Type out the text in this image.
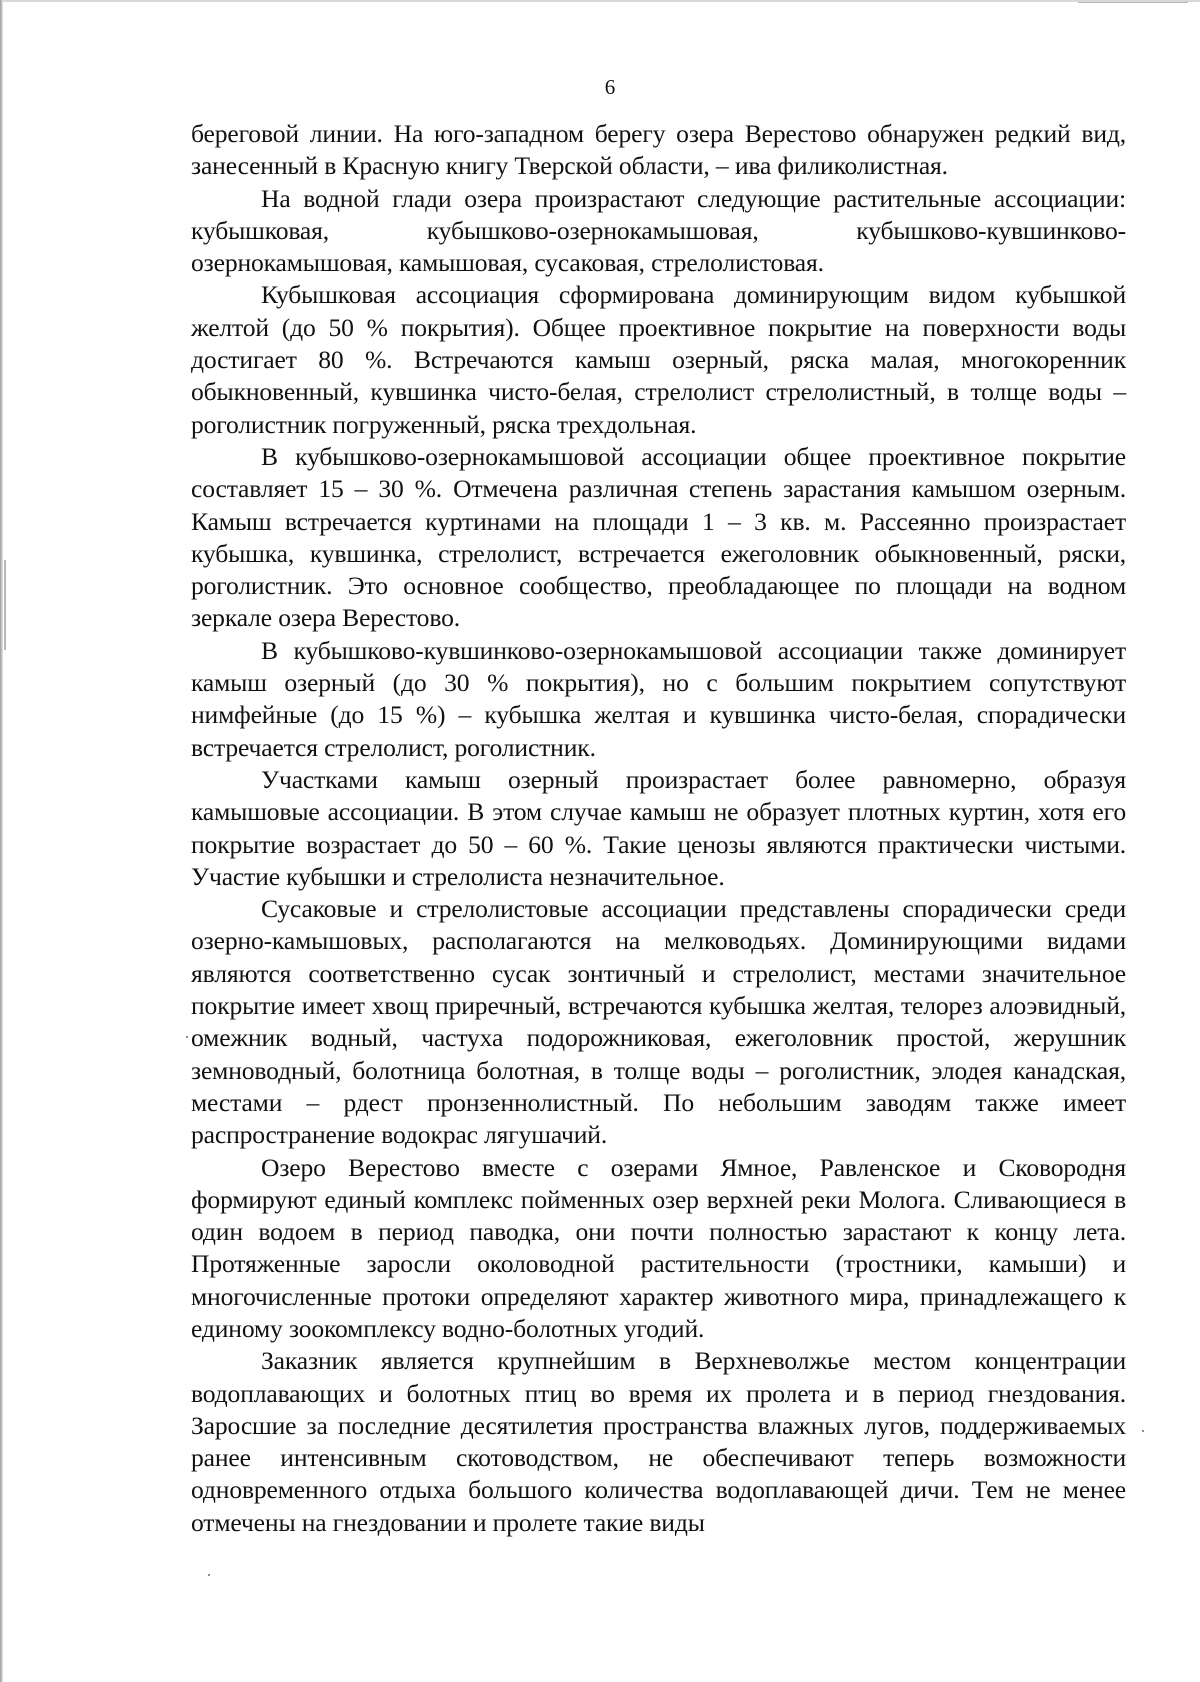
6

береговой линии. На юго-западном берегу озера Верестово обнаружен редкий вид, занесенный в Красную книгу Тверской области, – ива филиколистная.

На водной глади озера произрастают следующие растительные ассоциации: кубышковая, кубышково-озернокамышовая, кубышково-кувшинково-озернокамышовая, камышовая, сусаковая, стрелолистовая.

Кубышковая ассоциация сформирована доминирующим видом кубышкой желтой (до 50 % покрытия). Общее проективное покрытие на поверхности воды достигает 80 %. Встречаются камыш озерный, ряска малая, многокоренник обыкновенный, кувшинка чисто-белая, стрелолист стрелолистный, в толще воды – роголистник погруженный, ряска трехдольная.

В кубышково-озернокамышовой ассоциации общее проективное покрытие составляет 15 – 30 %. Отмечена различная степень зарастания камышом озерным. Камыш встречается куртинами на площади 1 – 3 кв. м. Рассеянно произрастает кубышка, кувшинка, стрелолист, встречается ежеголовник обыкновенный, ряски, роголистник. Это основное сообщество, преобладающее по площади на водном зеркале озера Верестово.

В кубышково-кувшинково-озернокамышовой ассоциации также доминирует камыш озерный (до 30 % покрытия), но с большим покрытием сопутствуют нимфейные (до 15 %) – кубышка желтая и кувшинка чисто-белая, спорадически встречается стрелолист, роголистник.

Участками камыш озерный произрастает более равномерно, образуя камышовые ассоциации. В этом случае камыш не образует плотных куртин, хотя его покрытие возрастает до 50 – 60 %. Такие ценозы являются практически чистыми. Участие кубышки и стрелолиста незначительное.

Сусаковые и стрелолистовые ассоциации представлены спорадически среди озерно-камышовых, располагаются на мелководьях. Доминирующими видами являются соответственно сусак зонтичный и стрелолист, местами значительное покрытие имеет хвощ приречный, встречаются кубышка желтая, телорез алоэвидный, омежник водный, частуха подорожниковая, ежеголовник простой, жерушник земноводный, болотница болотная, в толще воды – роголистник, элодея канадская, местами – рдест пронзеннолистный. По небольшим заводям также имеет распространение водокрас лягушачий.

Озеро Верестово вместе с озерами Ямное, Равленское и Сковородня формируют единый комплекс пойменных озер верхней реки Молога. Сливающиеся в один водоем в период паводка, они почти полностью зарастают к концу лета. Протяженные заросли околоводной растительности (тростники, камыши) и многочисленные протоки определяют характер животного мира, принадлежащего к единому зоокомплексу водно-болотных угодий.

Заказник является крупнейшим в Верхневолжье местом концентрации водоплавающих и болотных птиц во время их пролета и в период гнездования. Заросшие за последние десятилетия пространства влажных лугов, поддерживаемых ранее интенсивным скотоводством, не обеспечивают теперь возможности одновременного отдыха большого количества водоплавающей дичи. Тем не менее отмечены на гнездовании и пролете такие виды
